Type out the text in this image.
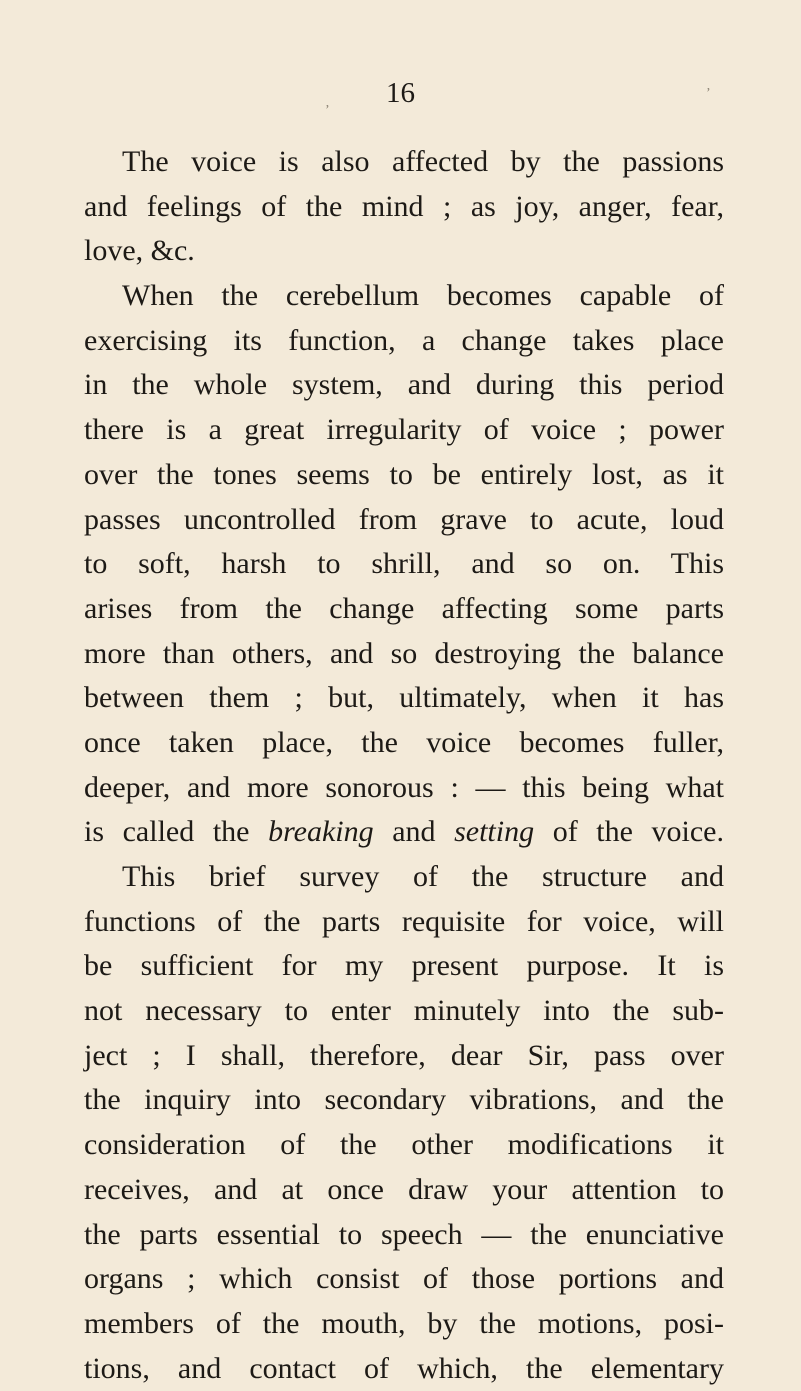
16
ʼ
ʼ
The voice is also affected by the passions
and feelings of the mind ; as joy, anger, fear,
love, &c.
When the cerebellum becomes capable of
exercising its function, a change takes place
in the whole system, and during this period
there is a great irregularity of voice ; power
over the tones seems to be entirely lost, as it
passes uncontrolled from grave to acute, loud
to soft, harsh to shrill, and so on. This
arises from the change affecting some parts
more than others, and so destroying the balance
between them ; but, ultimately, when it has
once taken place, the voice becomes fuller,
deeper, and more sonorous : — this being what
is called the breaking and setting of the voice.
This brief survey of the structure and
functions of the parts requisite for voice, will
be sufficient for my present purpose. It is
not necessary to enter minutely into the sub-
ject ; I shall, therefore, dear Sir, pass over
the inquiry into secondary vibrations, and the
consideration of the other modifications it
receives, and at once draw your attention to
the parts essential to speech — the enunciative
organs ; which consist of those portions and
members of the mouth, by the motions, posi-
tions, and contact of which, the elementary
